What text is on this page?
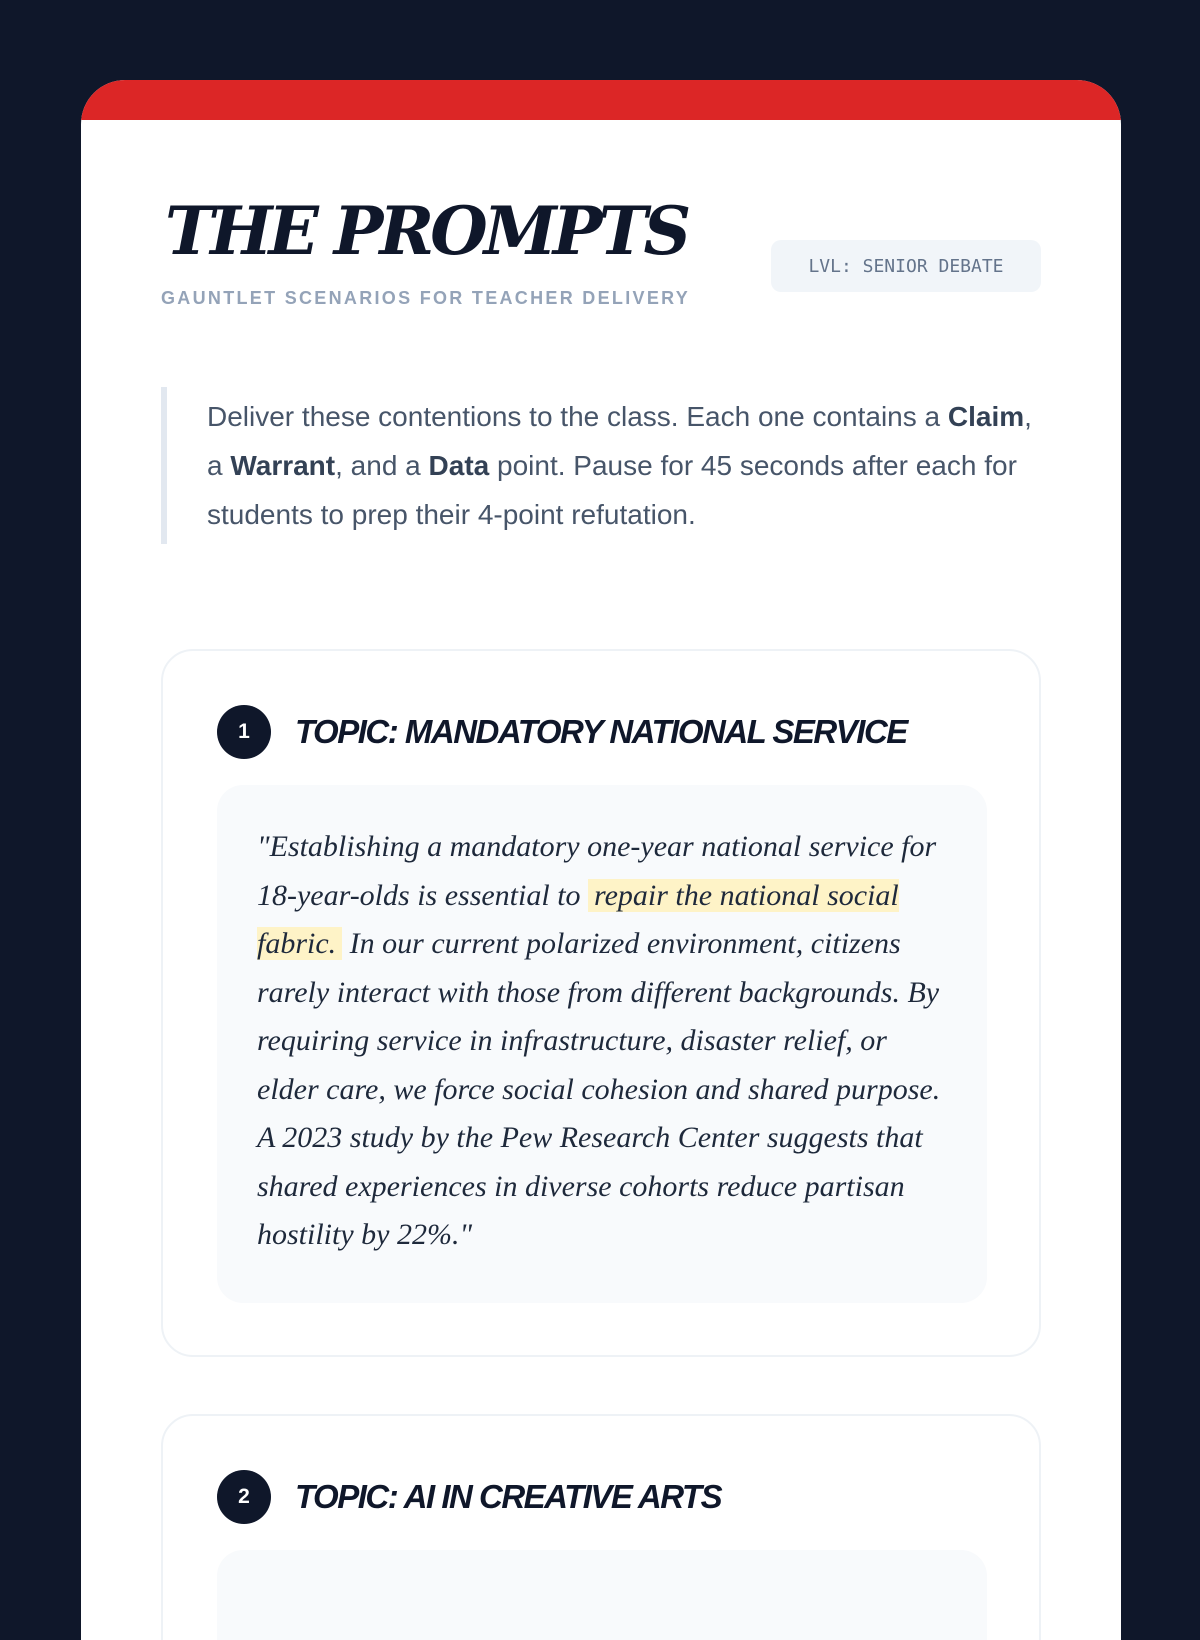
THE PROMPTS
GAUNTLET SCENARIOS FOR TEACHER DELIVERY
LVL: SENIOR DEBATE
Deliver these contentions to the class. Each one contains a Claim, a Warrant, and a Data point. Pause for 45 seconds after each for students to prep their 4-point refutation.
1	TOPIC: MANDATORY NATIONAL SERVICE
"Establishing a mandatory one-year national service for 18-year-olds is essential to repair the national social fabric. In our current polarized environment, citizens rarely interact with those from different backgrounds. By requiring service in infrastructure, disaster relief, or elder care, we force social cohesion and shared purpose. A 2023 study by the Pew Research Center suggests that shared experiences in diverse cohorts reduce partisan hostility by 22%."
2	TOPIC: AI IN CREATIVE ARTS
